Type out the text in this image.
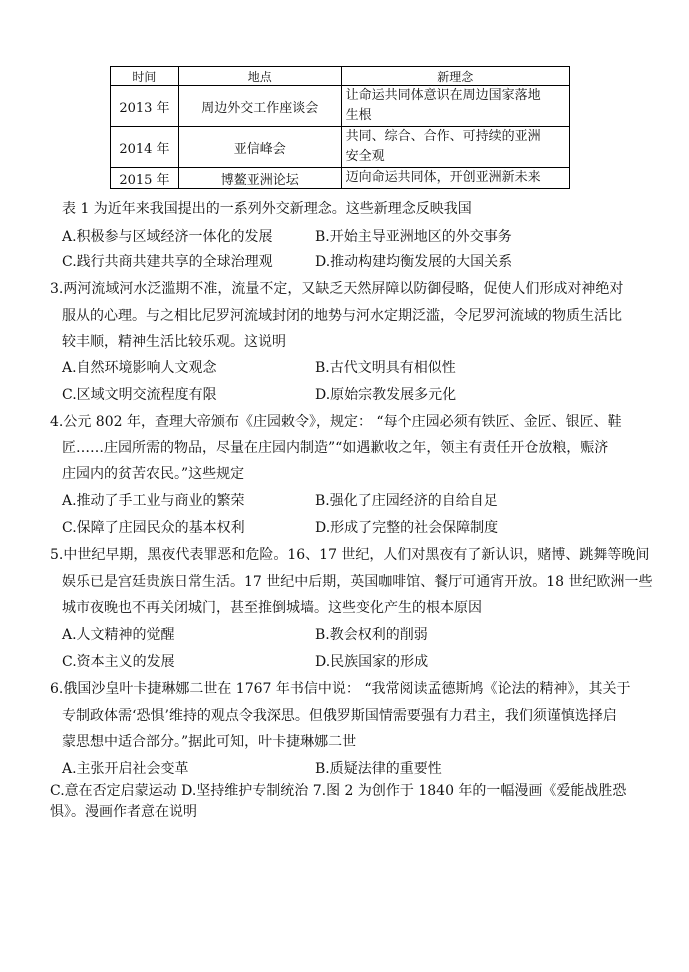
时间	地点	新理念
2013 年	周边外交工作座谈会	让命运共同体意识在周边国家落地
生根
2014 年	亚信峰会	共同、综合、合作、可持续的亚洲
安全观
2015 年	博鳌亚洲论坛	迈向命运共同体，开创亚洲新未来
表 1 为近年来我国提出的一系列外交新理念。这些新理念反映我国
A.积极参与区域经济一体化的发展	B.开始主导亚洲地区的外交事务
C.践行共商共建共享的全球治理观	D.推动构建均衡发展的大国关系
3.两河流域河水泛滥期不准，流量不定，又缺乏天然屏障以防御侵略，促使人们形成对神绝对
服从的心理。与之相比尼罗河流域封闭的地势与河水定期泛滥，令尼罗河流域的物质生活比
较丰顺，精神生活比较乐观。这说明
A.自然环境影响人文观念	B.古代文明具有相似性
C.区域文明交流程度有限	D.原始宗教发展多元化
4.公元 802 年，查理大帝颁布《庄园敕令》，规定： “每个庄园必须有铁匠、金匠、银匠、鞋
匠……庄园所需的物品，尽量在庄园内制造”“如遇歉收之年，领主有责任开仓放粮，赈济
庄园内的贫苦农民。”这些规定
A.推动了手工业与商业的繁荣	B.强化了庄园经济的自给自足
C.保障了庄园民众的基本权利	D.形成了完整的社会保障制度
5.中世纪早期，黑夜代表罪恶和危险。16、17 世纪，人们对黑夜有了新认识，赌博、跳舞等晚间
娱乐已是宫廷贵族日常生活。17 世纪中后期，英国咖啡馆、餐厅可通宵开放。18 世纪欧洲一些
城市夜晚也不再关闭城门，甚至推倒城墙。这些变化产生的根本原因
A.人文精神的觉醒	B.教会权利的削弱
C.资本主义的发展	D.民族国家的形成
6.俄国沙皇叶卡捷琳娜二世在 1767 年书信中说： “我常阅读孟德斯鸠《论法的精神》，其关于
专制政体需‘恐惧’维持的观点令我深思。但俄罗斯国情需要强有力君主，我们须谨慎选择启
蒙思想中适合部分。”据此可知，叶卡捷琳娜二世
A.主张开启社会变革	B.质疑法律的重要性
C.意在否定启蒙运动 D.坚持维护专制统治 7.图 2 为创作于 1840 年的一幅漫画《爱能战胜恐
惧》。漫画作者意在说明
